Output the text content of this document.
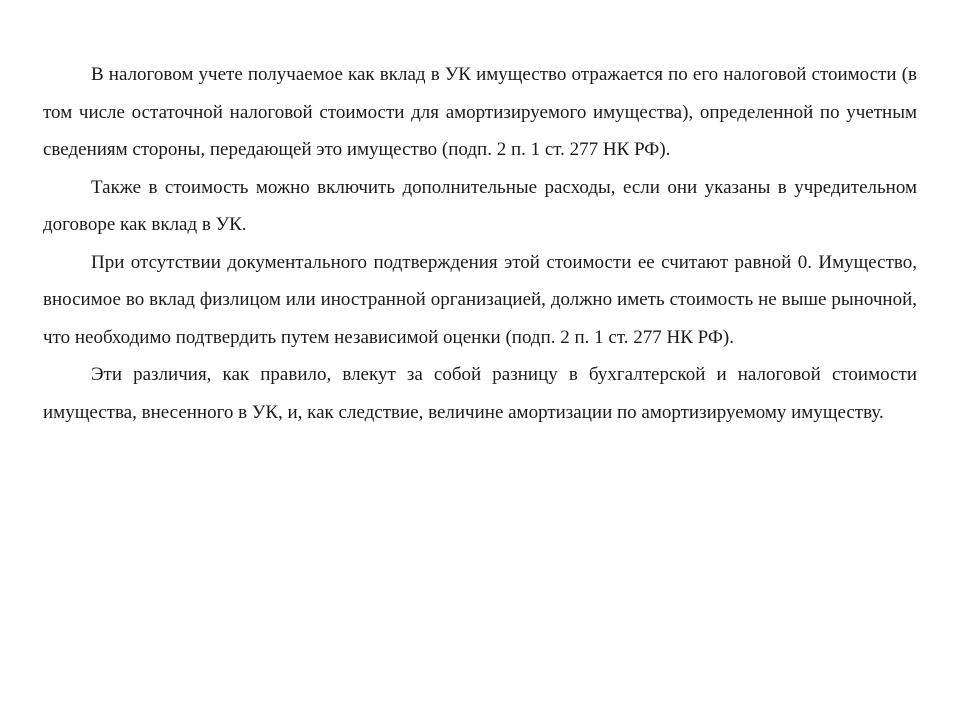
В налоговом учете получаемое как вклад в УК имущество отражается по его налоговой стоимости (в том числе остаточной налоговой стоимости для амортизируемого имущества), определенной по учетным сведениям стороны, передающей это имущество (подп. 2 п. 1 ст. 277 НК РФ).

Также в стоимость можно включить дополнительные расходы, если они указаны в учредительном договоре как вклад в УК.

При отсутствии документального подтверждения этой стоимости ее считают равной 0. Имущество, вносимое во вклад физлицом или иностранной организацией, должно иметь стоимость не выше рыночной, что необходимо подтвердить путем независимой оценки (подп. 2 п. 1 ст. 277 НК РФ).

Эти различия, как правило, влекут за собой разницу в бухгалтерской и налоговой стоимости имущества, внесенного в УК, и, как следствие, величине амортизации по амортизируемому имуществу.
